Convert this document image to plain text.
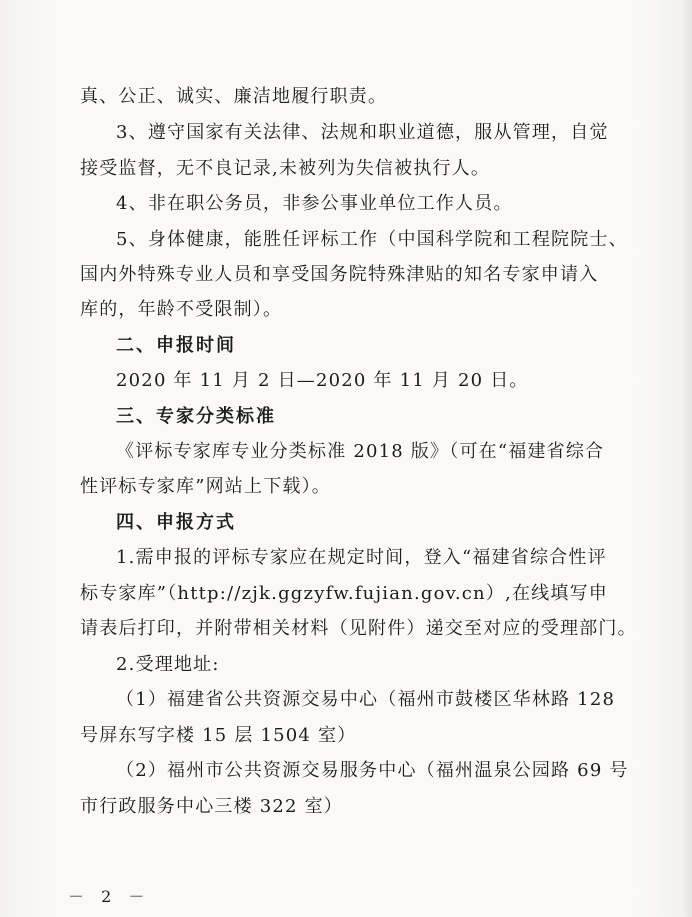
真、公正、诚实、廉洁地履行职责。
3、遵守国家有关法律、法规和职业道德，服从管理，自觉
接受监督，无不良记录,未被列为失信被执行人。
4、非在职公务员，非参公事业单位工作人员。
5、身体健康，能胜任评标工作（中国科学院和工程院院士、
国内外特殊专业人员和享受国务院特殊津贴的知名专家申请入
库的，年龄不受限制）。
二、申报时间
2020 年 11 月 2 日—2020 年 11 月 20 日。
三、专家分类标准
《评标专家库专业分类标准 2018 版》（可在“福建省综合
性评标专家库”网站上下载）。
四、申报方式
1.需申报的评标专家应在规定时间，登入“福建省综合性评
标专家库”（http://zjk.ggzyfw.fujian.gov.cn）,在线填写申
请表后打印，并附带相关材料（见附件）递交至对应的受理部门。
2.受理地址:
（1）福建省公共资源交易中心（福州市鼓楼区华林路 128
号屏东写字楼 15 层 1504 室）
（2）福州市公共资源交易服务中心（福州温泉公园路 69 号
市行政服务中心三楼 322 室）
－ 2 －
